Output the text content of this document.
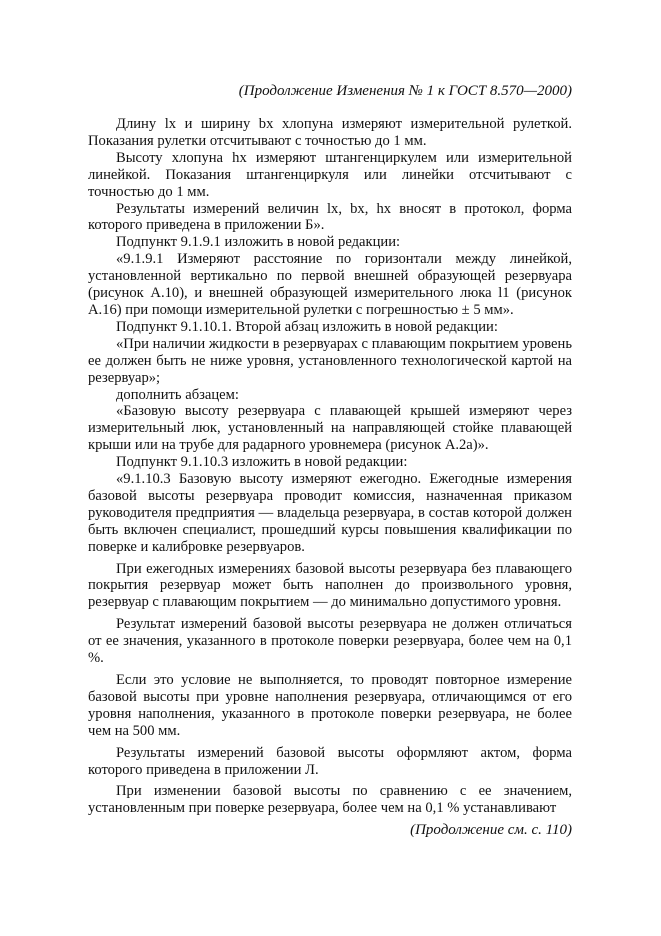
(Продолжение Изменения № 1 к ГОСТ 8.570—2000)

Длину lx и ширину bx хлопуна измеряют измерительной рулеткой. Показания рулетки отсчитывают с точностью до 1 мм.

Высоту хлопуна hx измеряют штангенциркулем или измерительной линейкой. Показания штангенциркуля или линейки отсчитывают с точностью до 1 мм.

Результаты измерений величин lx, bx, hx вносят в протокол, форма которого приведена в приложении Б».

Подпункт 9.1.9.1 изложить в новой редакции:

«9.1.9.1 Измеряют расстояние по горизонтали между линейкой, установленной вертикально по первой внешней образующей резервуара (рисунок А.10), и внешней образующей измерительного люка l1 (рисунок А.16) при помощи измерительной рулетки с погрешностью ± 5 мм».

Подпункт 9.1.10.1. Второй абзац изложить в новой редакции:

«При наличии жидкости в резервуарах с плавающим покрытием уровень ее должен быть не ниже уровня, установленного технологической картой на резервуар»;

дополнить абзацем:

«Базовую высоту резервуара с плавающей крышей измеряют через измерительный люк, установленный на направляющей стойке плавающей крыши или на трубе для радарного уровнемера (рисунок А.2а)».

Подпункт 9.1.10.3 изложить в новой редакции:

«9.1.10.3 Базовую высоту измеряют ежегодно. Ежегодные измерения базовой высоты резервуара проводит комиссия, назначенная приказом руководителя предприятия — владельца резервуара, в состав которой должен быть включен специалист, прошедший курсы повышения квалификации по поверке и калибровке резервуаров.

При ежегодных измерениях базовой высоты резервуара без плавающего покрытия резервуар может быть наполнен до произвольного уровня, резервуар с плавающим покрытием — до минимально допустимого уровня.

Результат измерений базовой высоты резервуара не должен отличаться от ее значения, указанного в протоколе поверки резервуара, более чем на 0,1 %.

Если это условие не выполняется, то проводят повторное измерение базовой высоты при уровне наполнения резервуара, отличающимся от его уровня наполнения, указанного в протоколе поверки резервуара, не более чем на 500 мм.

Результаты измерений базовой высоты оформляют актом, форма которого приведена в приложении Л.

При изменении базовой высоты по сравнению с ее значением, установленным при поверке резервуара, более чем на 0,1 % устанавливают

(Продолжение см. с. 110)
